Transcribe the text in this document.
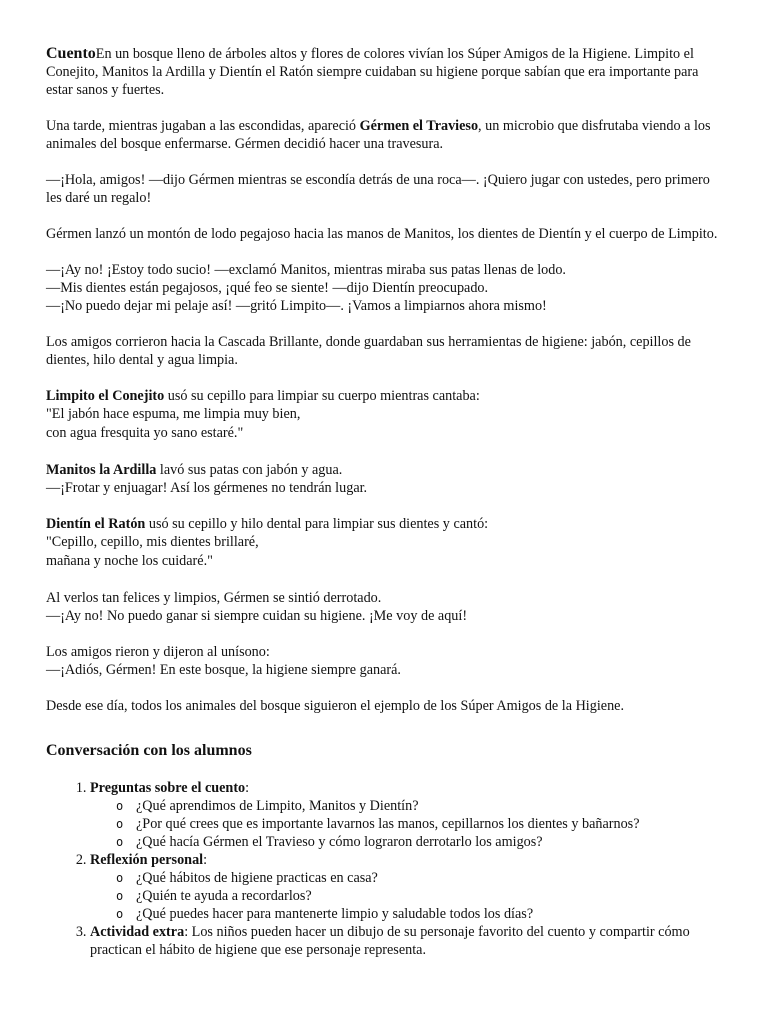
CuentoEn un bosque lleno de árboles altos y flores de colores vivían los Súper Amigos de la Higiene. Limpito el Conejito, Manitos la Ardilla y Dientín el Ratón siempre cuidaban su higiene porque sabían que era importante para estar sanos y fuertes.

Una tarde, mientras jugaban a las escondidas, apareció Gérmen el Travieso, un microbio que disfrutaba viendo a los animales del bosque enfermarse. Gérmen decidió hacer una travesura.

—¡Hola, amigos! —dijo Gérmen mientras se escondía detrás de una roca—. ¡Quiero jugar con ustedes, pero primero les daré un regalo!

Gérmen lanzó un montón de lodo pegajoso hacia las manos de Manitos, los dientes de Dientín y el cuerpo de Limpito.

—¡Ay no! ¡Estoy todo sucio! —exclamó Manitos, mientras miraba sus patas llenas de lodo.
—Mis dientes están pegajosos, ¡qué feo se siente! —dijo Dientín preocupado.
—¡No puedo dejar mi pelaje así! —gritó Limpito—. ¡Vamos a limpiarnos ahora mismo!

Los amigos corrieron hacia la Cascada Brillante, donde guardaban sus herramientas de higiene: jabón, cepillos de dientes, hilo dental y agua limpia.

Limpito el Conejito usó su cepillo para limpiar su cuerpo mientras cantaba:
"El jabón hace espuma, me limpia muy bien,
con agua fresquita yo sano estaré."

Manitos la Ardilla lavó sus patas con jabón y agua.
—¡Frotar y enjuagar! Así los gérmenes no tendrán lugar.

Dientín el Ratón usó su cepillo y hilo dental para limpiar sus dientes y cantó:
"Cepillo, cepillo, mis dientes brillaré,
mañana y noche los cuidaré."

Al verlos tan felices y limpios, Gérmen se sintió derrotado.
—¡Ay no! No puedo ganar si siempre cuidan su higiene. ¡Me voy de aquí!

Los amigos rieron y dijeron al unísono:
—¡Adiós, Gérmen! En este bosque, la higiene siempre ganará.

Desde ese día, todos los animales del bosque siguieron el ejemplo de los Súper Amigos de la Higiene.

Conversación con los alumnos
1. Preguntas sobre el cuento:
o ¿Qué aprendimos de Limpito, Manitos y Dientín?
o ¿Por qué crees que es importante lavarnos las manos, cepillarnos los dientes y bañarnos?
o ¿Qué hacía Gérmen el Travieso y cómo lograron derrotarlo los amigos?
2. Reflexión personal:
o ¿Qué hábitos de higiene practicas en casa?
o ¿Quién te ayuda a recordarlos?
o ¿Qué puedes hacer para mantenerte limpio y saludable todos los días?
3. Actividad extra: Los niños pueden hacer un dibujo de su personaje favorito del cuento y compartir cómo practican el hábito de higiene que ese personaje representa.
